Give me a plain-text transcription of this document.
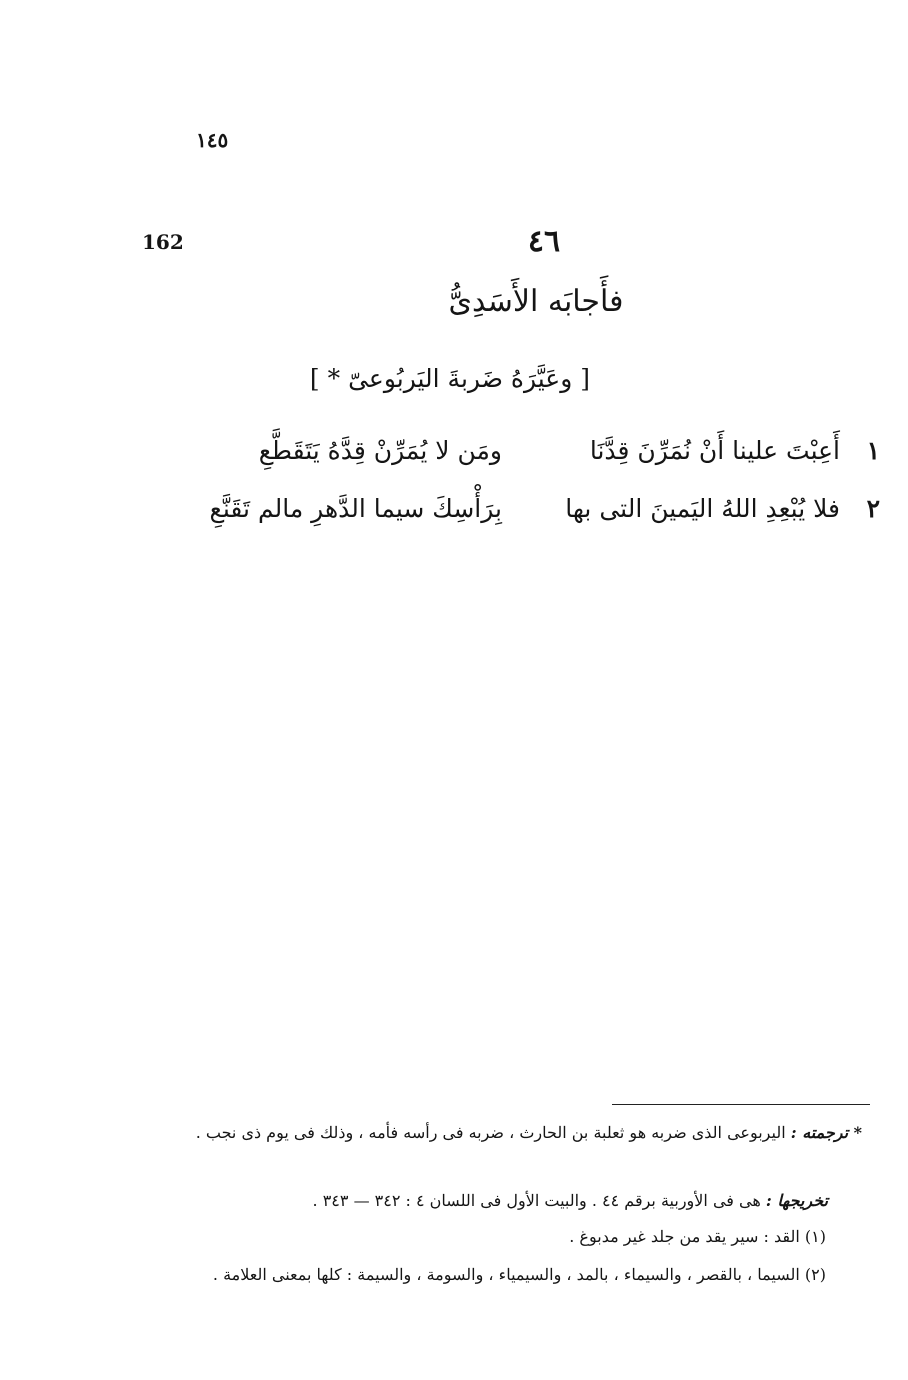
١٤٥
162	٤٦
فأَجابَه الأَسَدِىُّ
[ وعَيَّرَهُ ضَربةَ اليَربُوعىّ * ]
١
أَعِبْتَ علينا أَنْ نُمَرِّنَ قِدَّنَا
ومَن لا يُمَرِّنْ قِدَّهُ يَتَقَطَّعِ
٢
فلا يُبْعِدِ اللهُ اليَمينَ التى بها
بِرَأْسِكَ سيما الدَّهرِ مالم تَقَنَّعِ
* ترجمته : اليربوعى الذى ضربه هو ثعلبة بن الحارث ، ضربه فى رأسه فأمه ، وذلك فى يوم ذى نجب .
تخريجها : هى فى الأوربية برقم ٤٤ . والبيت الأول فى اللسان ٤ : ٣٤٢ — ٣٤٣ .
(١) القد : سير يقد من جلد غير مدبوغ .
(٢) السيما ، بالقصر ، والسيماء ، بالمد ، والسيمياء ، والسومة ، والسيمة : كلها بمعنى العلامة .
